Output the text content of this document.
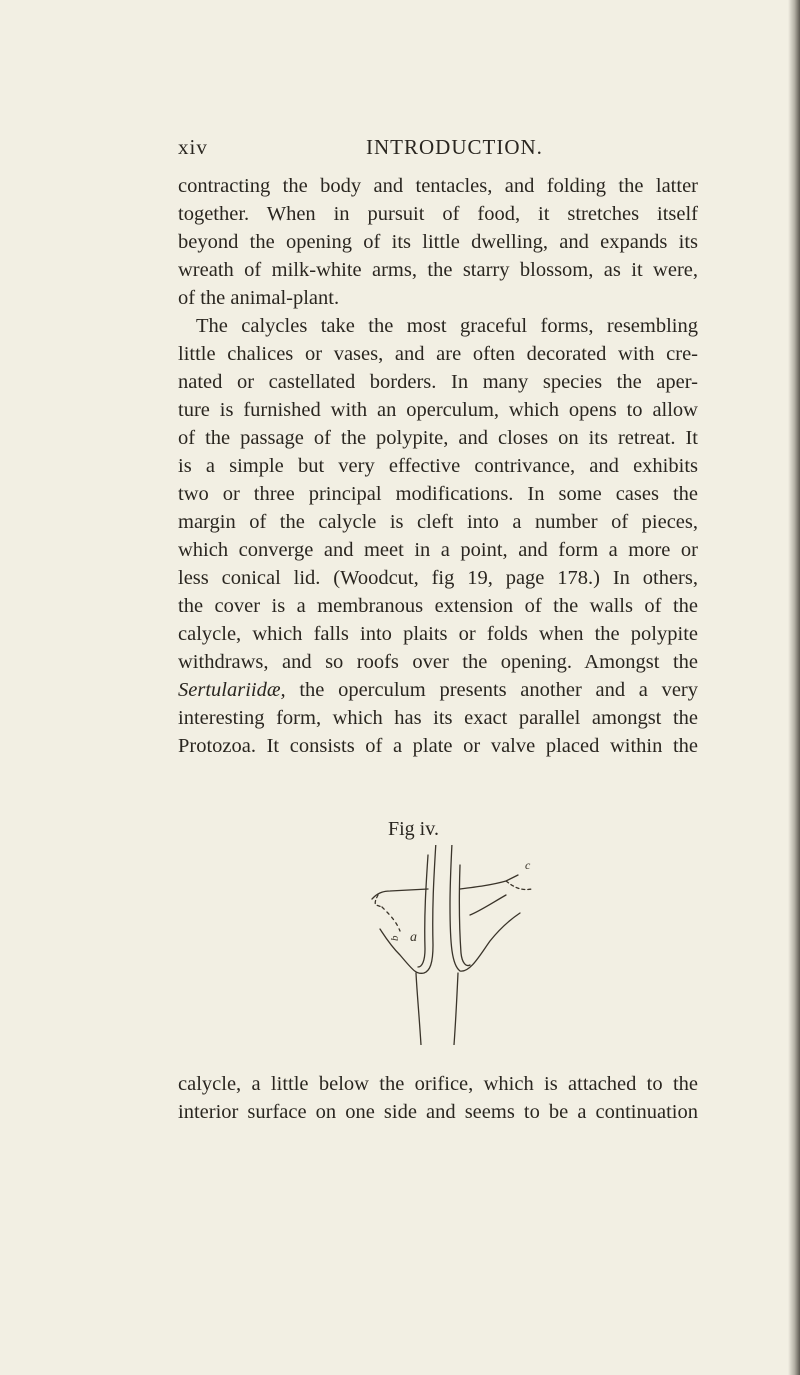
xiv	INTRODUCTION.
contracting the body and tentacles, and folding the latter
together. When in pursuit of food, it stretches itself
beyond the opening of its little dwelling, and expands its
wreath of milk-white arms, the starry blossom, as it were,
of the animal-plant.
The calycles take the most graceful forms, resembling
little chalices or vases, and are often decorated with cre-
nated or castellated borders. In many species the aper-
ture is furnished with an operculum, which opens to allow
of the passage of the polypite, and closes on its retreat. It
is a simple but very effective contrivance, and exhibits
two or three principal modifications. In some cases the
margin of the calycle is cleft into a number of pieces,
which converge and meet in a point, and form a more or
less conical lid. (Woodcut, fig 19, page 178.) In others,
the cover is a membranous extension of the walls of the
calycle, which falls into plaits or folds when the polypite
withdraws, and so roofs over the opening. Amongst the
Sertulariidæ, the operculum presents another and a very
interesting form, which has its exact parallel amongst the
Protozoa. It consists of a plate or valve placed within the
Fig iv.
a
b
c
calycle, a little below the orifice, which is attached to the
interior surface on one side and seems to be a continuation
